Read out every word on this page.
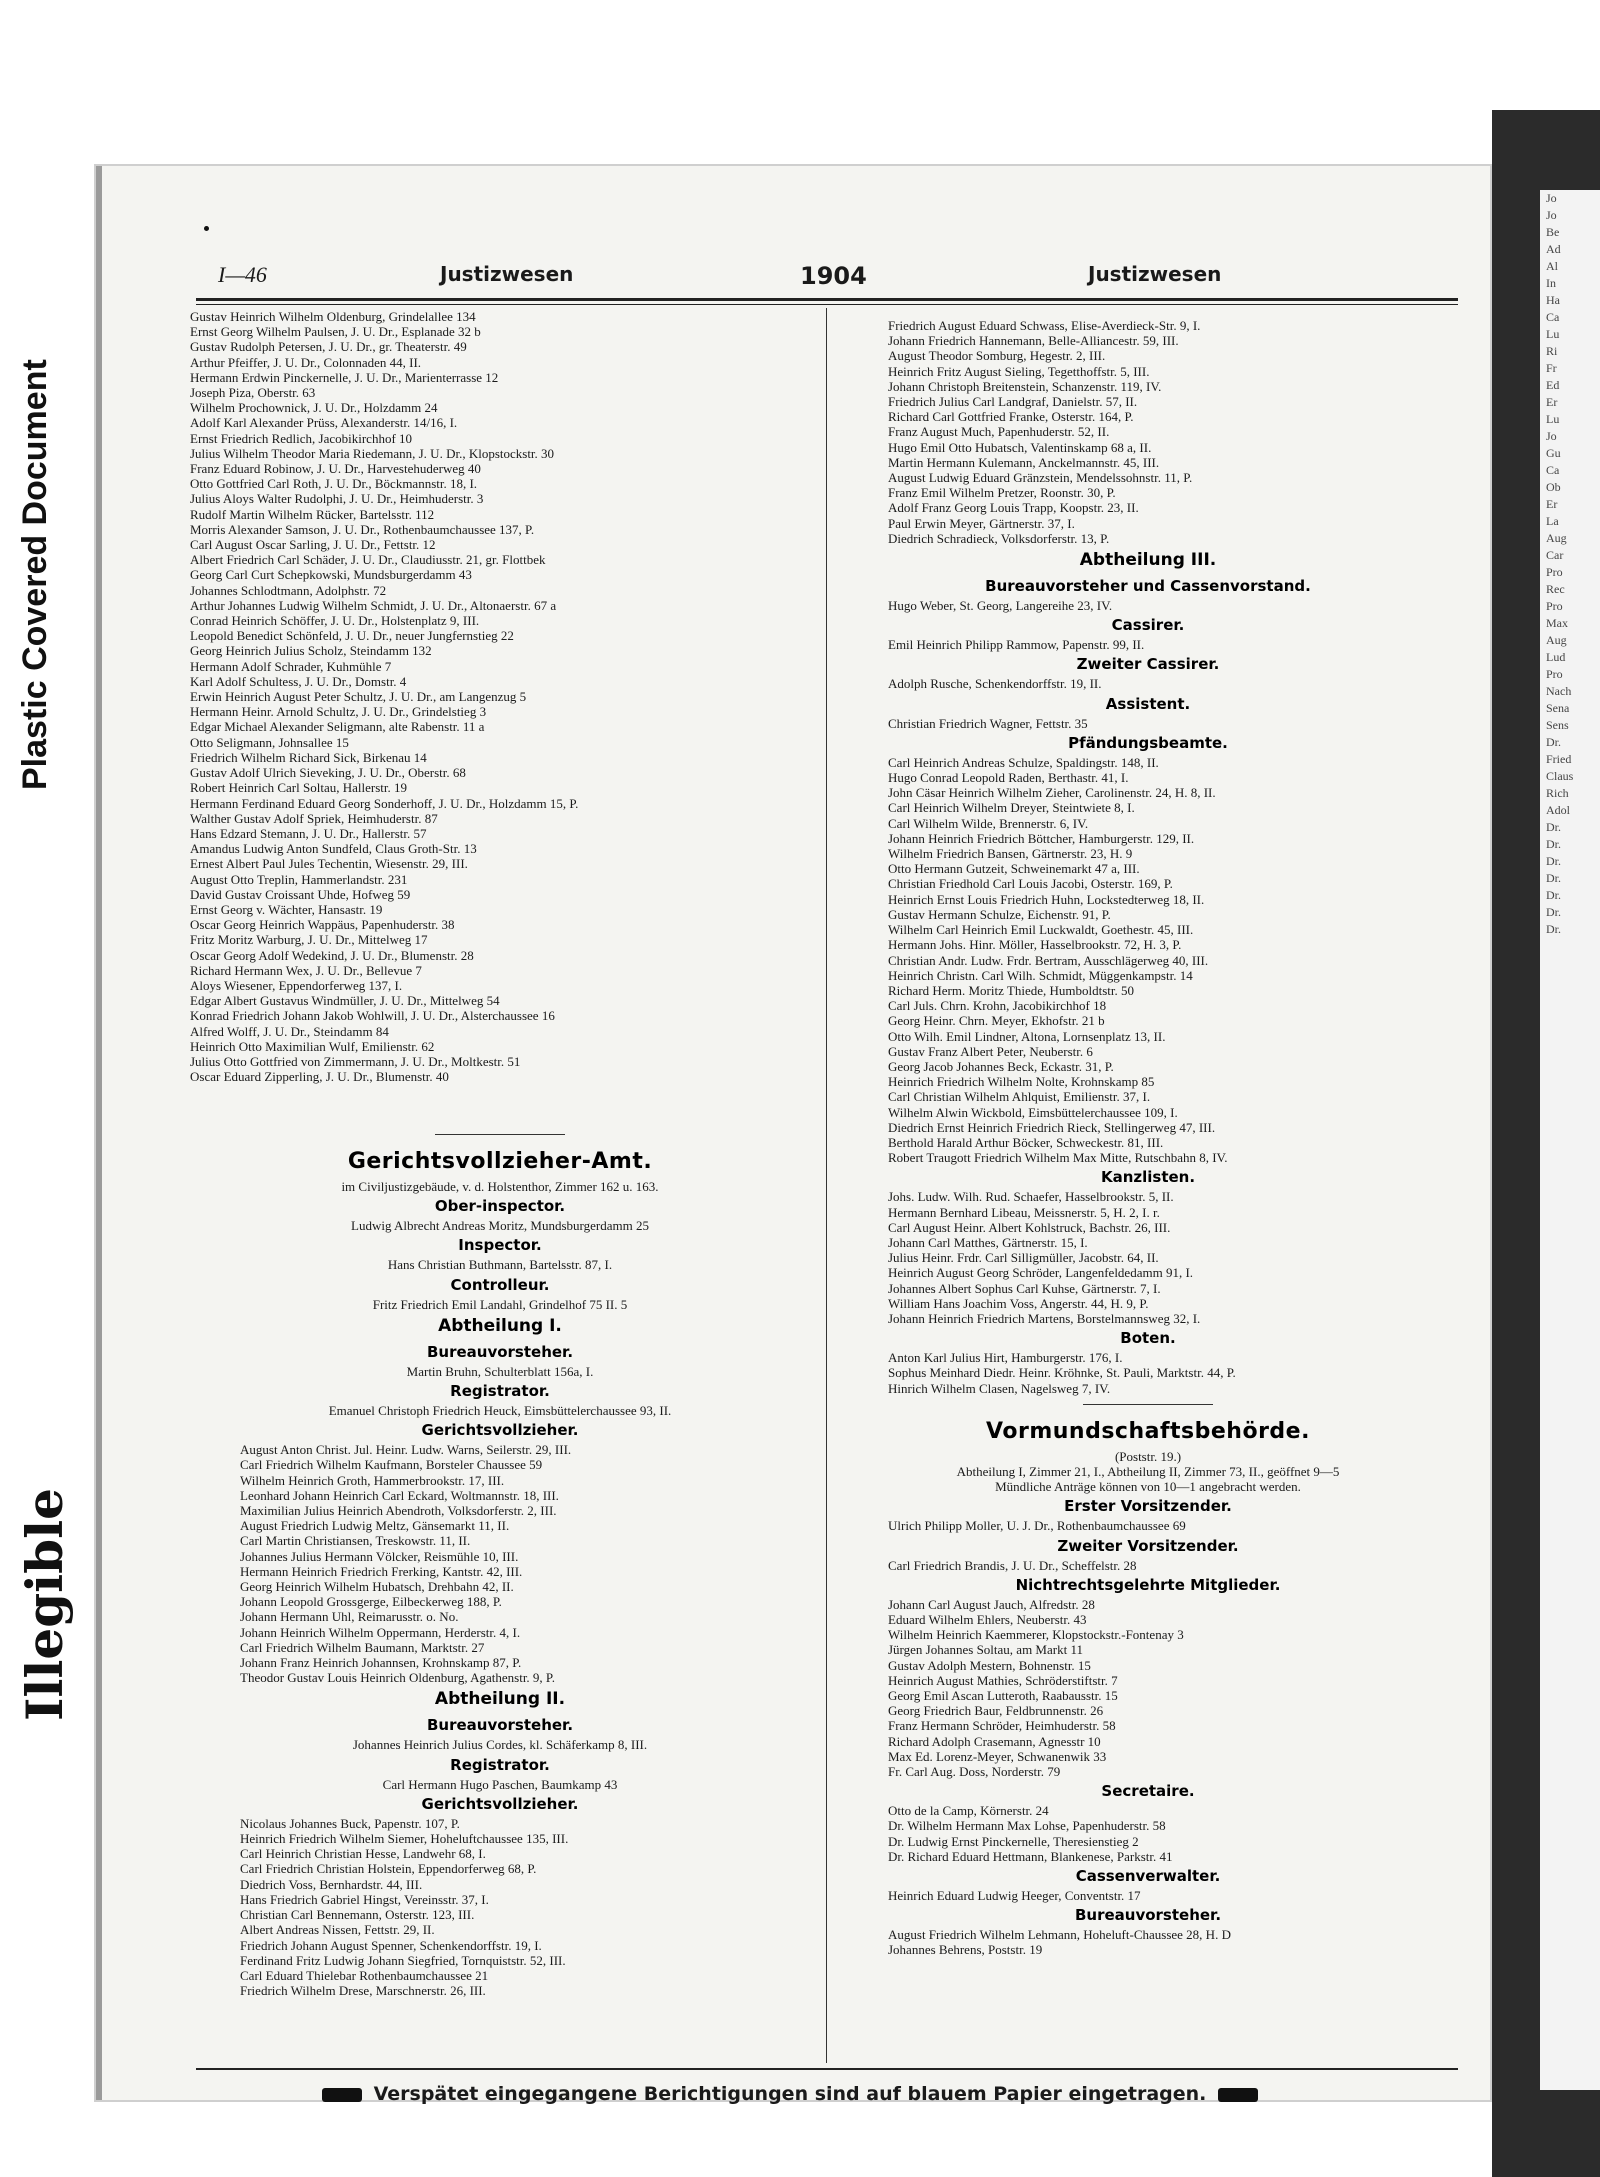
Plastic Covered Document
Illegible
Jo
Jo
Be
Ad
Al
In
Ha
Ca
Lu
Ri
Fr
Ed
Er
Lu
Jo
Gu
Ca
Ob
Er
La
Aug
Car
Pro
Rec
Pro
Max
Aug
Lud
Pro
Nach
Sena
Sens
Dr.
Fried
Claus
Rich
Adol
Dr.
Dr.
Dr.
Dr.
Dr.
Dr.
Dr.
I—46	Justizwesen	1904	Justizwesen
Gustav Heinrich Wilhelm Oldenburg, Grindelallee 134
Ernst Georg Wilhelm Paulsen, J. U. Dr., Esplanade 32 b
Gustav Rudolph Petersen, J. U. Dr., gr. Theaterstr. 49
Arthur Pfeiffer, J. U. Dr., Colonnaden 44, II.
Hermann Erdwin Pinckernelle, J. U. Dr., Marienterrasse 12
Joseph Piza, Oberstr. 63
Wilhelm Prochownick, J. U. Dr., Holzdamm 24
Adolf Karl Alexander Prüss, Alexanderstr. 14/16, I.
Ernst Friedrich Redlich, Jacobikirchhof 10
Julius Wilhelm Theodor Maria Riedemann, J. U. Dr., Klopstockstr. 30
Franz Eduard Robinow, J. U. Dr., Harvestehuderweg 40
Otto Gottfried Carl Roth, J. U. Dr., Böckmannstr. 18, I.
Julius Aloys Walter Rudolphi, J. U. Dr., Heimhuderstr. 3
Rudolf Martin Wilhelm Rücker, Bartelsstr. 112
Morris Alexander Samson, J. U. Dr., Rothenbaumchaussee 137, P.
Carl August Oscar Sarling, J. U. Dr., Fettstr. 12
Albert Friedrich Carl Schäder, J. U. Dr., Claudiusstr. 21, gr. Flottbek
Georg Carl Curt Schepkowski, Mundsburgerdamm 43
Johannes Schlodtmann, Adolphstr. 72
Arthur Johannes Ludwig Wilhelm Schmidt, J. U. Dr., Altonaerstr. 67 a
Conrad Heinrich Schöffer, J. U. Dr., Holstenplatz 9, III.
Leopold Benedict Schönfeld, J. U. Dr., neuer Jungfernstieg 22
Georg Heinrich Julius Scholz, Steindamm 132
Hermann Adolf Schrader, Kuhmühle 7
Karl Adolf Schultess, J. U. Dr., Domstr. 4
Erwin Heinrich August Peter Schultz, J. U. Dr., am Langenzug 5
Hermann Heinr. Arnold Schultz, J. U. Dr., Grindelstieg 3
Edgar Michael Alexander Seligmann, alte Rabenstr. 11 a
Otto Seligmann, Johnsallee 15
Friedrich Wilhelm Richard Sick, Birkenau 14
Gustav Adolf Ulrich Sieveking, J. U. Dr., Oberstr. 68
Robert Heinrich Carl Soltau, Hallerstr. 19
Hermann Ferdinand Eduard Georg Sonderhoff, J. U. Dr., Holzdamm 15, P.
Walther Gustav Adolf Spriek, Heimhuderstr. 87
Hans Edzard Stemann, J. U. Dr., Hallerstr. 57
Amandus Ludwig Anton Sundfeld, Claus Groth-Str. 13
Ernest Albert Paul Jules Techentin, Wiesenstr. 29, III.
August Otto Treplin, Hammerlandstr. 231
David Gustav Croissant Uhde, Hofweg 59
Ernst Georg v. Wächter, Hansastr. 19
Oscar Georg Heinrich Wappäus, Papenhuderstr. 38
Fritz Moritz Warburg, J. U. Dr., Mittelweg 17
Oscar Georg Adolf Wedekind, J. U. Dr., Blumenstr. 28
Richard Hermann Wex, J. U. Dr., Bellevue 7
Aloys Wiesener, Eppendorferweg 137, I.
Edgar Albert Gustavus Windmüller, J. U. Dr., Mittelweg 54
Konrad Friedrich Johann Jakob Wohlwill, J. U. Dr., Alsterchaussee 16
Alfred Wolff, J. U. Dr., Steindamm 84
Heinrich Otto Maximilian Wulf, Emilienstr. 62
Julius Otto Gottfried von Zimmermann, J. U. Dr., Moltkestr. 51
Oscar Eduard Zipperling, J. U. Dr., Blumenstr. 40
Gerichtsvollzieher-Amt.
im Civiljustizgebäude, v. d. Holstenthor, Zimmer 162 u. 163.
Ober-inspector.
Ludwig Albrecht Andreas Moritz, Mundsburgerdamm 25
Inspector.
Hans Christian Buthmann, Bartelsstr. 87, I.
Controlleur.
Fritz Friedrich Emil Landahl, Grindelhof 75 II. 5
Abtheilung I.
Bureauvorsteher.
Martin Bruhn, Schulterblatt 156a, I.
Registrator.
Emanuel Christoph Friedrich Heuck, Eimsbüttelerchaussee 93, II.
Gerichtsvollzieher.
August Anton Christ. Jul. Heinr. Ludw. Warns, Seilerstr. 29, III.
Carl Friedrich Wilhelm Kaufmann, Borsteler Chaussee 59
Wilhelm Heinrich Groth, Hammerbrookstr. 17, III.
Leonhard Johann Heinrich Carl Eckard, Woltmannstr. 18, III.
Maximilian Julius Heinrich Abendroth, Volksdorferstr. 2, III.
August Friedrich Ludwig Meltz, Gänsemarkt 11, II.
Carl Martin Christiansen, Treskowstr. 11, II.
Johannes Julius Hermann Völcker, Reismühle 10, III.
Hermann Heinrich Friedrich Frerking, Kantstr. 42, III.
Georg Heinrich Wilhelm Hubatsch, Drehbahn 42, II.
Johann Leopold Grossgerge, Eilbeckerweg 188, P.
Johann Hermann Uhl, Reimarusstr. o. No.
Johann Heinrich Wilhelm Oppermann, Herderstr. 4, I.
Carl Friedrich Wilhelm Baumann, Marktstr. 27
Johann Franz Heinrich Johannsen, Krohnskamp 87, P.
Theodor Gustav Louis Heinrich Oldenburg, Agathenstr. 9, P.
Abtheilung II.
Bureauvorsteher.
Johannes Heinrich Julius Cordes, kl. Schäferkamp 8, III.
Registrator.
Carl Hermann Hugo Paschen, Baumkamp 43
Gerichtsvollzieher.
Nicolaus Johannes Buck, Papenstr. 107, P.
Heinrich Friedrich Wilhelm Siemer, Hoheluftchaussee 135, III.
Carl Heinrich Christian Hesse, Landwehr 68, I.
Carl Friedrich Christian Holstein, Eppendorferweg 68, P.
Diedrich Voss, Bernhardstr. 44, III.
Hans Friedrich Gabriel Hingst, Vereinsstr. 37, I.
Christian Carl Bennemann, Osterstr. 123, III.
Albert Andreas Nissen, Fettstr. 29, II.
Friedrich Johann August Spenner, Schenkendorffstr. 19, I.
Ferdinand Fritz Ludwig Johann Siegfried, Tornquiststr. 52, III.
Carl Eduard Thielebar Rothenbaumchaussee 21
Friedrich Wilhelm Drese, Marschnerstr. 26, III.
Friedrich August Eduard Schwass, Elise-Averdieck-Str. 9, I.
Johann Friedrich Hannemann, Belle-Alliancestr. 59, III.
August Theodor Somburg, Hegestr. 2, III.
Heinrich Fritz August Sieling, Tegetthoffstr. 5, III.
Johann Christoph Breitenstein, Schanzenstr. 119, IV.
Friedrich Julius Carl Landgraf, Danielstr. 57, II.
Richard Carl Gottfried Franke, Osterstr. 164, P.
Franz August Much, Papenhuderstr. 52, II.
Hugo Emil Otto Hubatsch, Valentinskamp 68 a, II.
Martin Hermann Kulemann, Anckelmannstr. 45, III.
August Ludwig Eduard Gränzstein, Mendelssohnstr. 11, P.
Franz Emil Wilhelm Pretzer, Roonstr. 30, P.
Adolf Franz Georg Louis Trapp, Koopstr. 23, II.
Paul Erwin Meyer, Gärtnerstr. 37, I.
Diedrich Schradieck, Volksdorferstr. 13, P.
Abtheilung III.
Bureauvorsteher und Cassenvorstand.
Hugo Weber, St. Georg, Langereihe 23, IV.
Cassirer.
Emil Heinrich Philipp Rammow, Papenstr. 99, II.
Zweiter Cassirer.
Adolph Rusche, Schenkendorffstr. 19, II.
Assistent.
Christian Friedrich Wagner, Fettstr. 35
Pfändungsbeamte.
Carl Heinrich Andreas Schulze, Spaldingstr. 148, II.
Hugo Conrad Leopold Raden, Berthastr. 41, I.
John Cäsar Heinrich Wilhelm Zieher, Carolinenstr. 24, H. 8, II.
Carl Heinrich Wilhelm Dreyer, Steintwiete 8, I.
Carl Wilhelm Wilde, Brennerstr. 6, IV.
Johann Heinrich Friedrich Böttcher, Hamburgerstr. 129, II.
Wilhelm Friedrich Bansen, Gärtnerstr. 23, H. 9
Otto Hermann Gutzeit, Schweinemarkt 47 a, III.
Christian Friedhold Carl Louis Jacobi, Osterstr. 169, P.
Heinrich Ernst Louis Friedrich Huhn, Lockstedterweg 18, II.
Gustav Hermann Schulze, Eichenstr. 91, P.
Wilhelm Carl Heinrich Emil Luckwaldt, Goethestr. 45, III.
Hermann Johs. Hinr. Möller, Hasselbrookstr. 72, H. 3, P.
Christian Andr. Ludw. Frdr. Bertram, Ausschlägerweg 40, III.
Heinrich Christn. Carl Wilh. Schmidt, Müggenkampstr. 14
Richard Herm. Moritz Thiede, Humboldtstr. 50
Carl Juls. Chrn. Krohn, Jacobikirchhof 18
Georg Heinr. Chrn. Meyer, Ekhofstr. 21 b
Otto Wilh. Emil Lindner, Altona, Lornsenplatz 13, II.
Gustav Franz Albert Peter, Neuberstr. 6
Georg Jacob Johannes Beck, Eckastr. 31, P.
Heinrich Friedrich Wilhelm Nolte, Krohnskamp 85
Carl Christian Wilhelm Ahlquist, Emilienstr. 37, I.
Wilhelm Alwin Wickbold, Eimsbüttelerchaussee 109, I.
Diedrich Ernst Heinrich Friedrich Rieck, Stellingerweg 47, III.
Berthold Harald Arthur Böcker, Schweckestr. 81, III.
Robert Traugott Friedrich Wilhelm Max Mitte, Rutschbahn 8, IV.
Kanzlisten.
Johs. Ludw. Wilh. Rud. Schaefer, Hasselbrookstr. 5, II.
Hermann Bernhard Libeau, Meissnerstr. 5, H. 2, I. r.
Carl August Heinr. Albert Kohlstruck, Bachstr. 26, III.
Johann Carl Matthes, Gärtnerstr. 15, I.
Julius Heinr. Frdr. Carl Silligmüller, Jacobstr. 64, II.
Heinrich August Georg Schröder, Langenfeldedamm 91, I.
Johannes Albert Sophus Carl Kuhse, Gärtnerstr. 7, I.
William Hans Joachim Voss, Angerstr. 44, H. 9, P.
Johann Heinrich Friedrich Martens, Borstelmannsweg 32, I.
Boten.
Anton Karl Julius Hirt, Hamburgerstr. 176, I.
Sophus Meinhard Diedr. Heinr. Kröhnke, St. Pauli, Marktstr. 44, P.
Hinrich Wilhelm Clasen, Nagelsweg 7, IV.
Vormundschaftsbehörde.
(Poststr. 19.)
Abtheilung I, Zimmer 21, I., Abtheilung II, Zimmer 73, II., geöffnet 9—5
Mündliche Anträge können von 10—1 angebracht werden.
Erster Vorsitzender.
Ulrich Philipp Moller, U. J. Dr., Rothenbaumchaussee 69
Zweiter Vorsitzender.
Carl Friedrich Brandis, J. U. Dr., Scheffelstr. 28
Nichtrechtsgelehrte Mitglieder.
Johann Carl August Jauch, Alfredstr. 28
Eduard Wilhelm Ehlers, Neuberstr. 43
Wilhelm Heinrich Kaemmerer, Klopstockstr.-Fontenay 3
Jürgen Johannes Soltau, am Markt 11
Gustav Adolph Mestern, Bohnenstr. 15
Heinrich August Mathies, Schröderstiftstr. 7
Georg Emil Ascan Lutteroth, Raabausstr. 15
Georg Friedrich Baur, Feldbrunnenstr. 26
Franz Hermann Schröder, Heimhuderstr. 58
Richard Adolph Crasemann, Agnesstr 10
Max Ed. Lorenz-Meyer, Schwanenwik 33
Fr. Carl Aug. Doss, Norderstr. 79
Secretaire.
Otto de la Camp, Körnerstr. 24
Dr. Wilhelm Hermann Max Lohse, Papenhuderstr. 58
Dr. Ludwig Ernst Pinckernelle, Theresienstieg 2
Dr. Richard Eduard Hettmann, Blankenese, Parkstr. 41
Cassenverwalter.
Heinrich Eduard Ludwig Heeger, Conventstr. 17
Bureauvorsteher.
August Friedrich Wilhelm Lehmann, Hoheluft-Chaussee 28, H. D
Johannes Behrens, Poststr. 19
Verspätet eingegangene Berichtigungen sind auf blauem Papier eingetragen.
